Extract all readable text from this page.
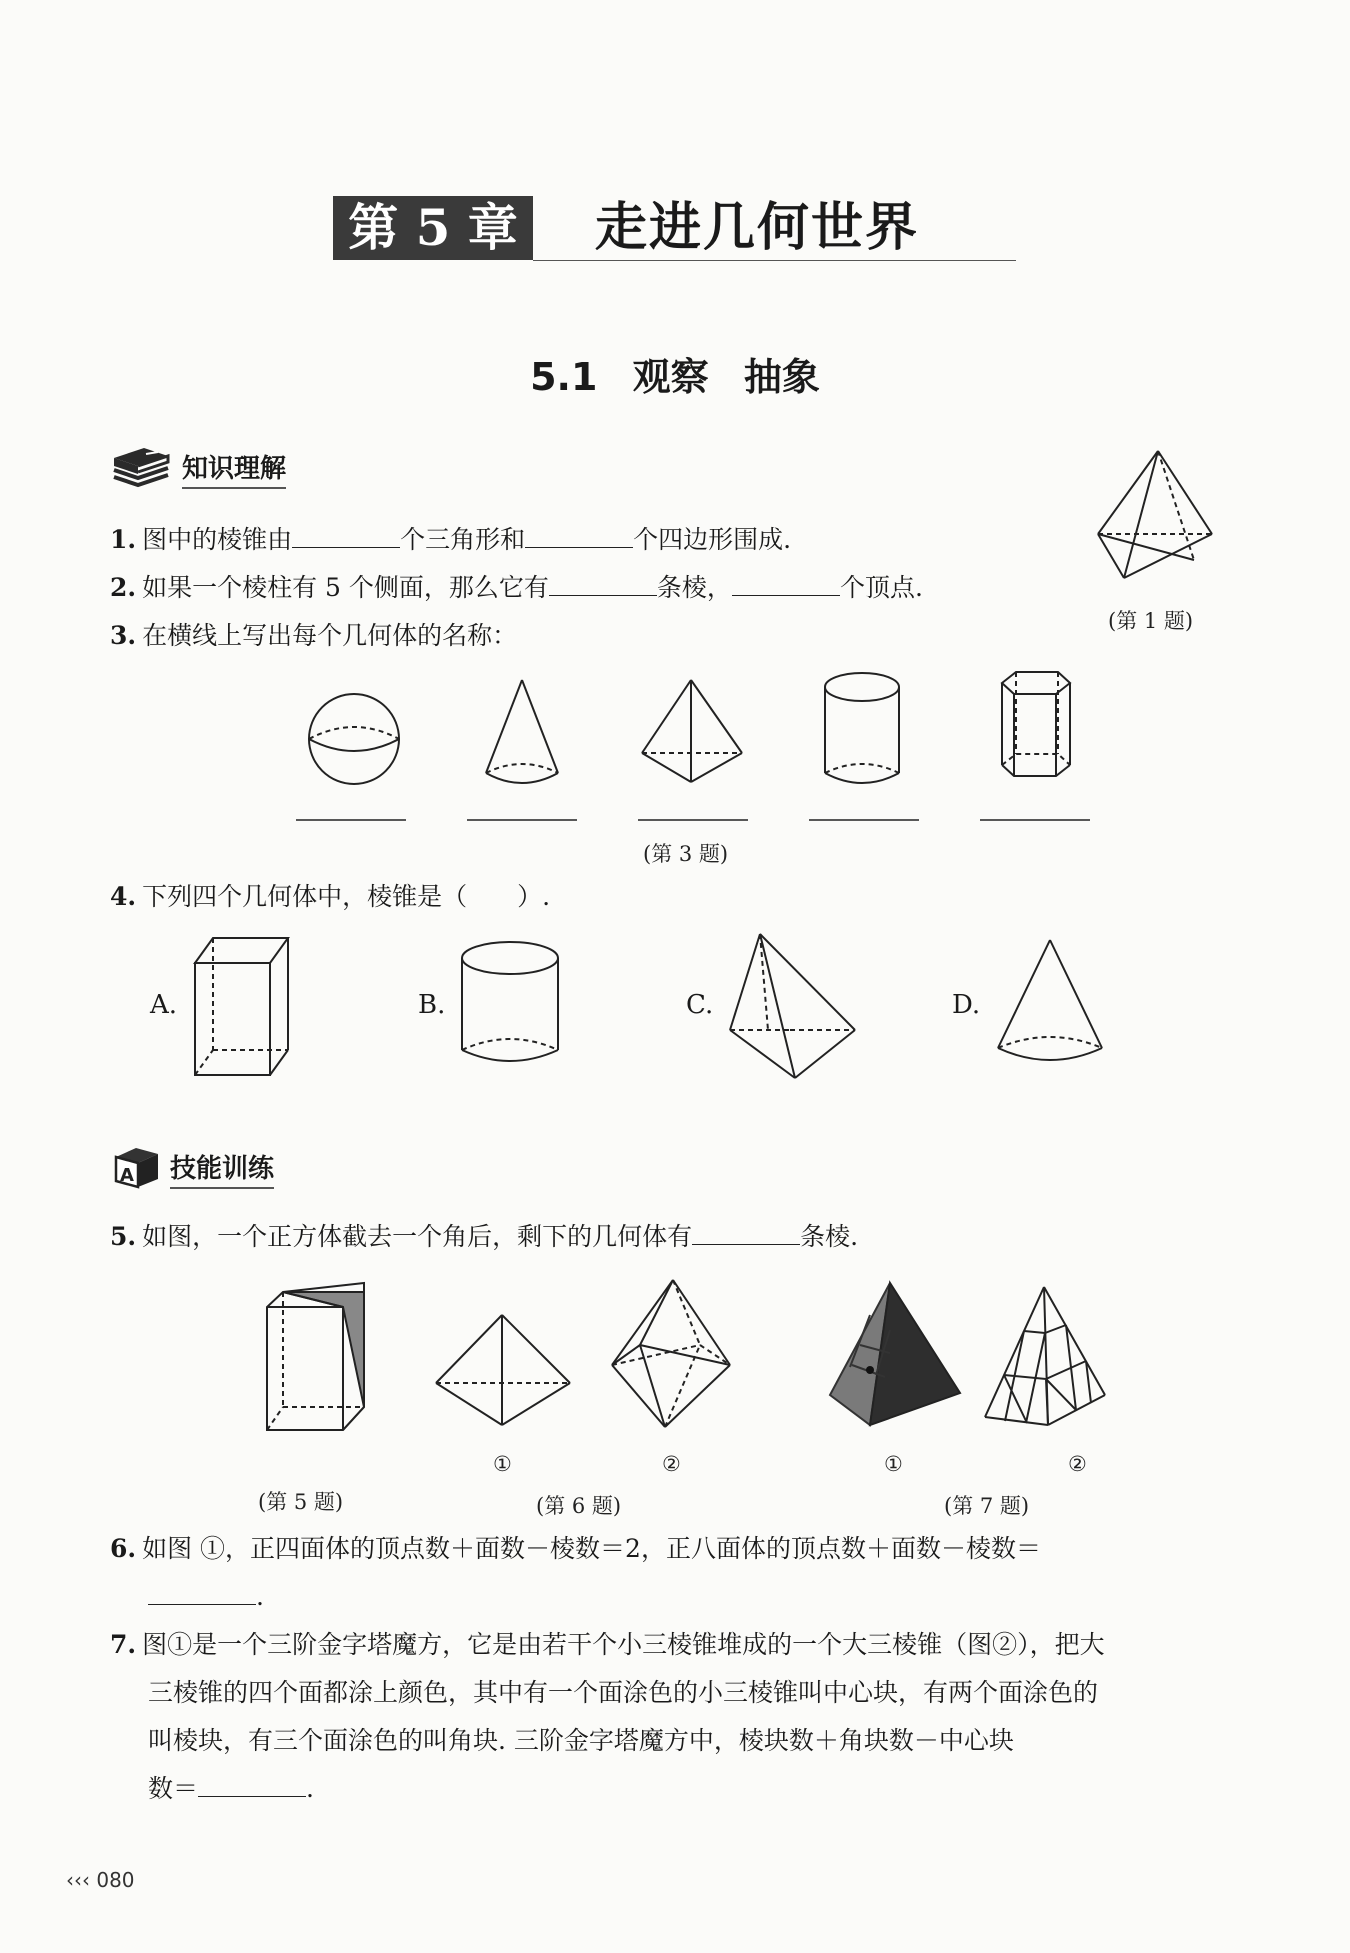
第 5 章 走进几何世界
5.1 观察 抽象
知识理解
1. 图中的棱锥由	个三角形和	个四边形围成.
(第 1 题)
2. 如果一个棱柱有 5 个侧面，那么它有	条棱，	个顶点.
3. 在横线上写出每个几何体的名称：
(第 3 题)
4. 下列四个几何体中，棱锥是（　　）.
A.	B.	C.	D.
A 技能训练
5. 如图，一个正方体截去一个角后，剩下的几何体有	条棱.
(第 5 题)
①	②
(第 6 题)
①	②
(第 7 题)
6. 如图 ①，正四面体的顶点数＋面数－棱数＝2，正八面体的顶点数＋面数－棱数＝
.
7. 图①是一个三阶金字塔魔方，它是由若干个小三棱锥堆成的一个大三棱锥（图②），把大
三棱锥的四个面都涂上颜色，其中有一个面涂色的小三棱锥叫中心块，有两个面涂色的
叫棱块，有三个面涂色的叫角块. 三阶金字塔魔方中，棱块数＋角块数－中心块
数＝	.
‹‹‹ 080
